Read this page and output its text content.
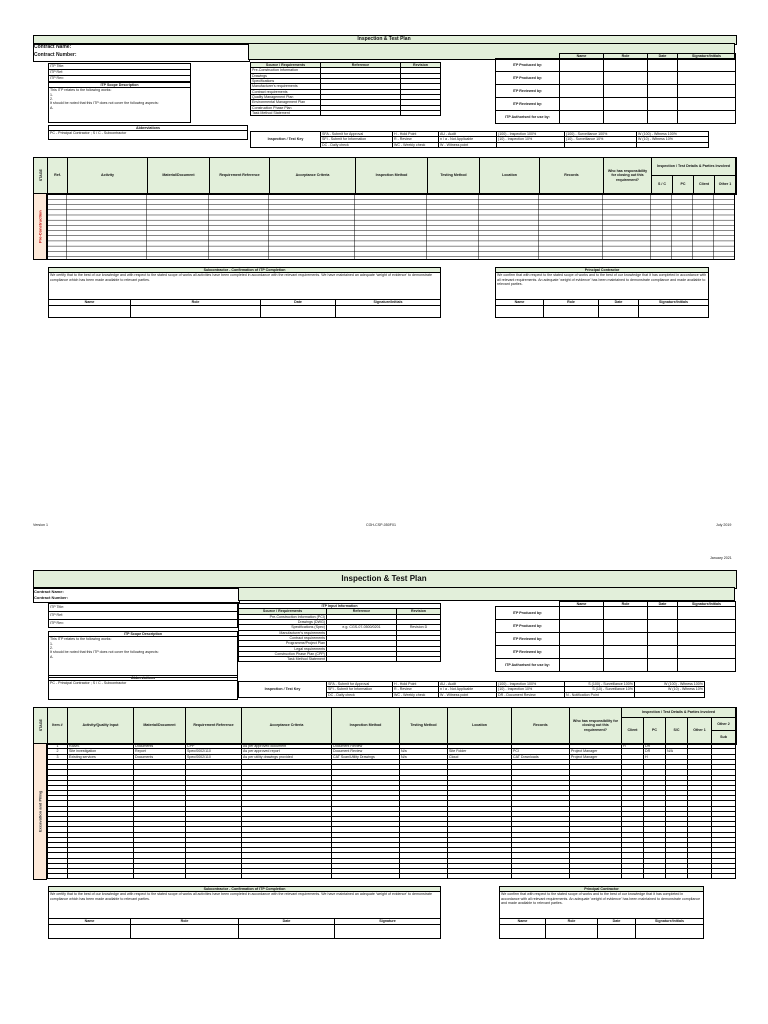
Inspection & Test Plan
Contract Name:
Contract Number:
ITP Title:
ITP Ref:
ITP Rev:
ITP Scope Description

This ITP relates to the following works:
1.
2.
It should be noted that this ITP does not cover the following aspects:
A.
Abbreviations
PC - Principal Contractor ; S / C - Subcontractor
Source / Requirements	Reference	Revision
Pre-Construction Information		
Drawings		
Specifications		
Manufacturer's requirements		
Contract requirements		
Quality Management Plan		
Environmental Management Plan		
Construction Phase Plan		
Task Method Statement		
	Name	Role	Date	Signature/Initials
ITP Produced by:				
ITP Produced by:				
ITP Reviewed by:				
ITP Reviewed by:				
ITP Authorised for use by:				
Inspection / Test Key	SFA - Submit for Approval	H - Hold Point	AU - Audit	(100) - Inspection 100%	(100) - Surveillance 100%	W (100) - Witness 100%
	SFI - Submit for Information	R - Review	n / a - Not Applicable	(10) - Inspection 10%	(10) - Surveillance 10%	W (10) - Witness 10%
	DC - Daily check	WC - Weekly check	W - Witness point			
STAGE	Ref.	Activity	Material/Document	Requirement Reference	Acceptance Criteria	Inspection Method	Testing Method	Location	Records	Who has responsibility for closing out this requirement?	Inspection / Test Details & Parties Involved			
											S / C	PC	Client	Other 1
Pre-Construction
Subcontractor - Confirmation of ITP Completion			
We certify that to the best of our knowledge and with respect to the stated scope of works all activities have been completed in accordance with the relevant requirements. We have maintained an adequate 'weight of evidence' to demonstrate compliance which has been made available to relevant parties.			
Name	Role	Date	Signature/Initials

Principal Contractor			
We confirm that with respect to the stated scope of works and to the best of our knowledge that it has completed in accordance with all relevant requirements. An adequate 'weight of evidence' has been maintained to demonstrate compliance and made available to relevant parties.			
Name	Role	Date	Signature/Initials

Version 1	CGH-CSP-050F01	July 2019
January 2021
Inspection & Test Plan
Contract Name:
Contract Number:
ITP Title:
ITP Ref:
ITP Rev:
ITP Scope Description

This ITP relates to the following works:
1.
2.
It should be noted that this ITP does not cover the following aspects:
A.
Abbreviations
PC - Principal Contractor ; S / C - Subcontractor
ITP Input Information		
Source / Requirements	Reference	Revision
Pre-Construction Information (PCI)		
Drawings (DWG)		
Specifications (Spec)	e.g. CGS-07-0500/0201	Revision D
Manufacturer's requirements		
Contract requirements		
Programme/Project Plan		
Legal requirements		
Construction Phase Plan (CPP)		
Task Method Statement		
	Name	Role	Date	Signature/Initials
ITP Produced by:				
ITP Produced by:				
ITP Reviewed by:				
ITP Reviewed by:				
ITP Authorised for use by:				
Inspection / Test Key	SFA - Submit for Approval	H - Hold Point	AU - Audit	(100) - Inspection 100%	S (100) - Surveillance 100%	W (100) - Witness 100%
	SFI - Submit for Information	R - Review	n / a - Not Applicable	(10) - Inspection 10%	S (10) - Surveillance 10%	W (10) - Witness 10%
	DC - Daily check	WC - Weekly check	W - Witness point	DR - Document Review	N - Notification Point	
STAGE	Item #	Activity/Quality Input	Material/Document	Requirement Reference	Acceptance Criteria	Inspection Method	Testing Method	Location	Records	Who has responsibility for closing out this requirement?	Inspection / Test Details & Parties Involved				
											Client	PC	S/C	Other 1	Other 2
															Sub
Excavation and Piling
1	RAMS	Documents	CPP	As per approved document	Document Review					H	DR			
2	Site investigation	Report	Spec/0002/110	As per approved report	Document Review	N/a	Site Folder	PCI	Project Manager		DR	N/A		
3	Existing services	Documents	Spec/0002/110	As per utility drawings provided	CAT Scan/Utility Drawings	N/a	Cloud	CAT Downloads	Project Manager		H			

Subcontractor - Confirmation of ITP Completion			
We certify that to the best of our knowledge and with respect to the stated scope of works all activities have been completed in accordance with the relevant requirements. We have maintained an adequate 'weight of evidence' to demonstrate compliance which has been made available to relevant parties.			
Name	Role	Date	Signature

Principal Contractor			
We confirm that with respect to the stated scope of works and to the best of our knowledge that it has completed in accordance with all relevant requirements. An adequate 'weight of evidence' has been maintained to demonstrate compliance and made available to relevant parties.			
Name	Role	Date	Signature/Initials
